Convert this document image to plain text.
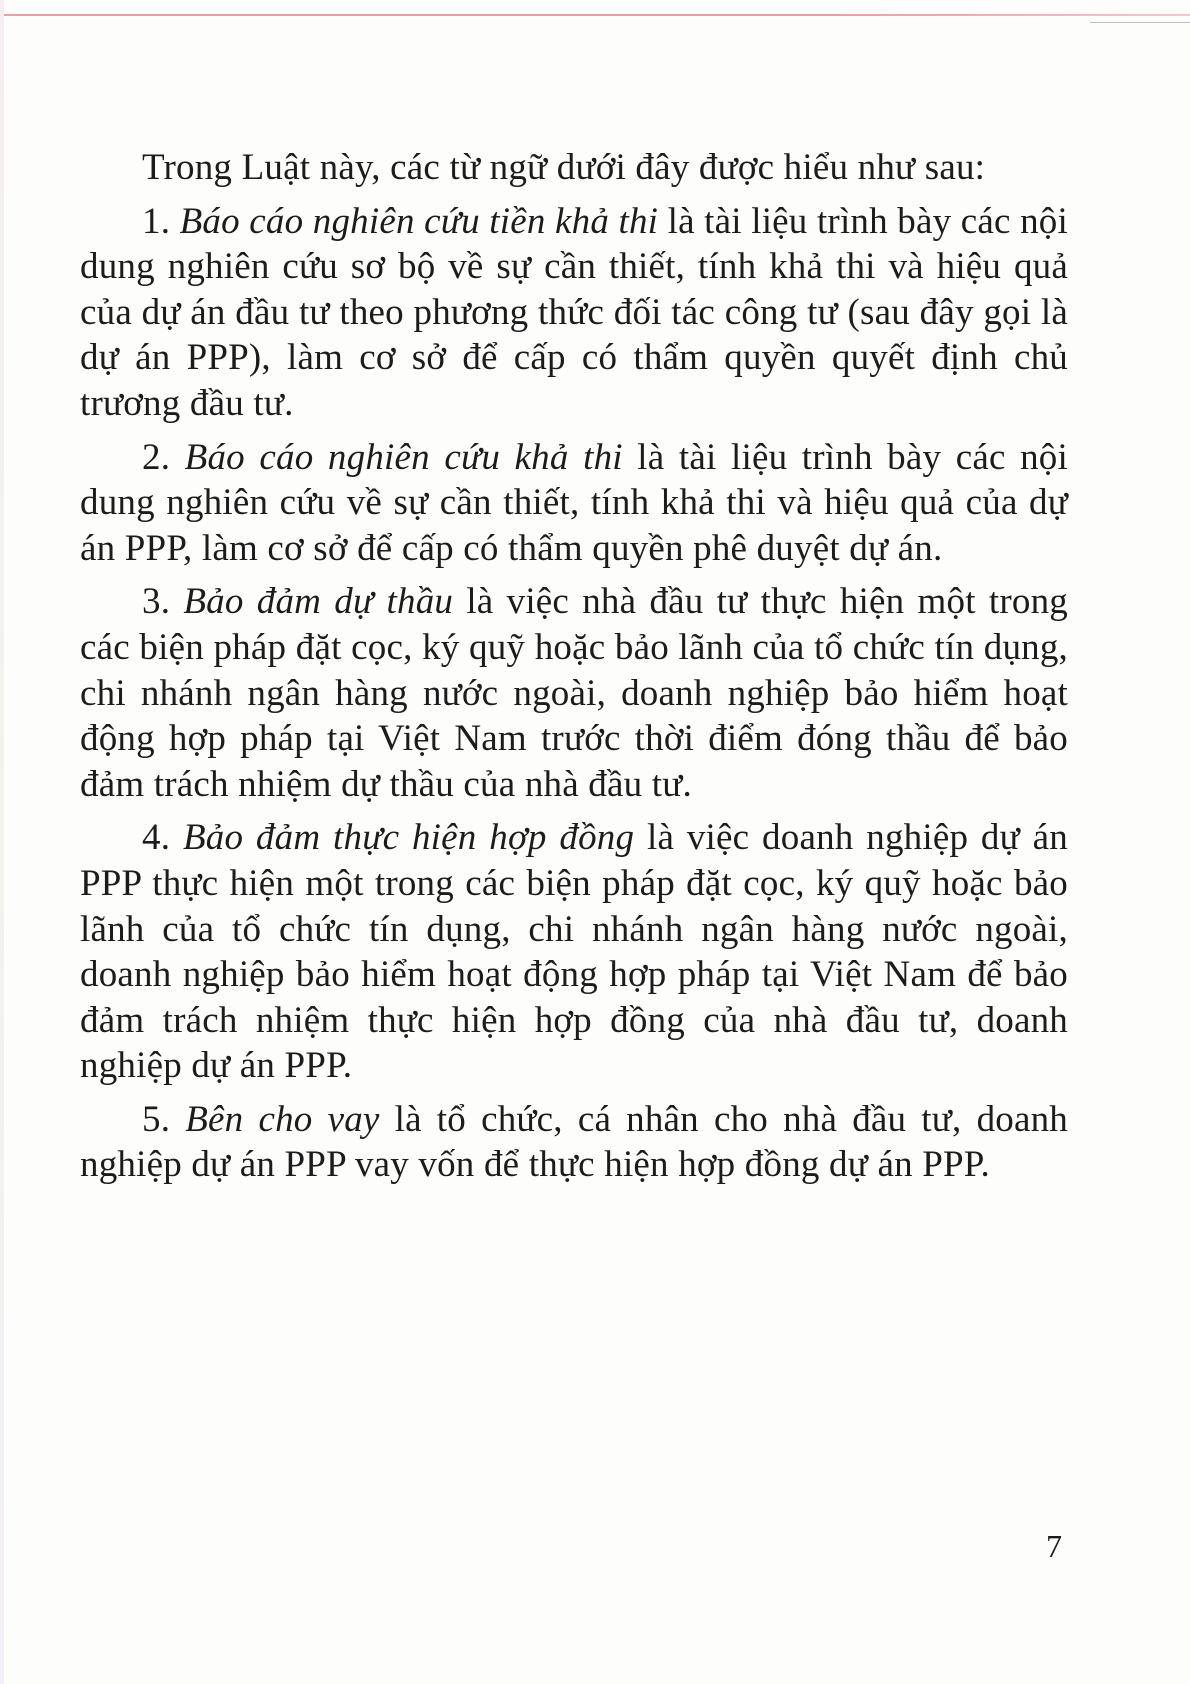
Trong Luật này, các từ ngữ dưới đây được hiểu như sau:

1. Báo cáo nghiên cứu tiền khả thi là tài liệu trình bày các nội dung nghiên cứu sơ bộ về sự cần thiết, tính khả thi và hiệu quả của dự án đầu tư theo phương thức đối tác công tư (sau đây gọi là dự án PPP), làm cơ sở để cấp có thẩm quyền quyết định chủ trương đầu tư.

2. Báo cáo nghiên cứu khả thi là tài liệu trình bày các nội dung nghiên cứu về sự cần thiết, tính khả thi và hiệu quả của dự án PPP, làm cơ sở để cấp có thẩm quyền phê duyệt dự án.

3. Bảo đảm dự thầu là việc nhà đầu tư thực hiện một trong các biện pháp đặt cọc, ký quỹ hoặc bảo lãnh của tổ chức tín dụng, chi nhánh ngân hàng nước ngoài, doanh nghiệp bảo hiểm hoạt động hợp pháp tại Việt Nam trước thời điểm đóng thầu để bảo đảm trách nhiệm dự thầu của nhà đầu tư.

4. Bảo đảm thực hiện hợp đồng là việc doanh nghiệp dự án PPP thực hiện một trong các biện pháp đặt cọc, ký quỹ hoặc bảo lãnh của tổ chức tín dụng, chi nhánh ngân hàng nước ngoài, doanh nghiệp bảo hiểm hoạt động hợp pháp tại Việt Nam để bảo đảm trách nhiệm thực hiện hợp đồng của nhà đầu tư, doanh nghiệp dự án PPP.

5. Bên cho vay là tổ chức, cá nhân cho nhà đầu tư, doanh nghiệp dự án PPP vay vốn để thực hiện hợp đồng dự án PPP.

7
